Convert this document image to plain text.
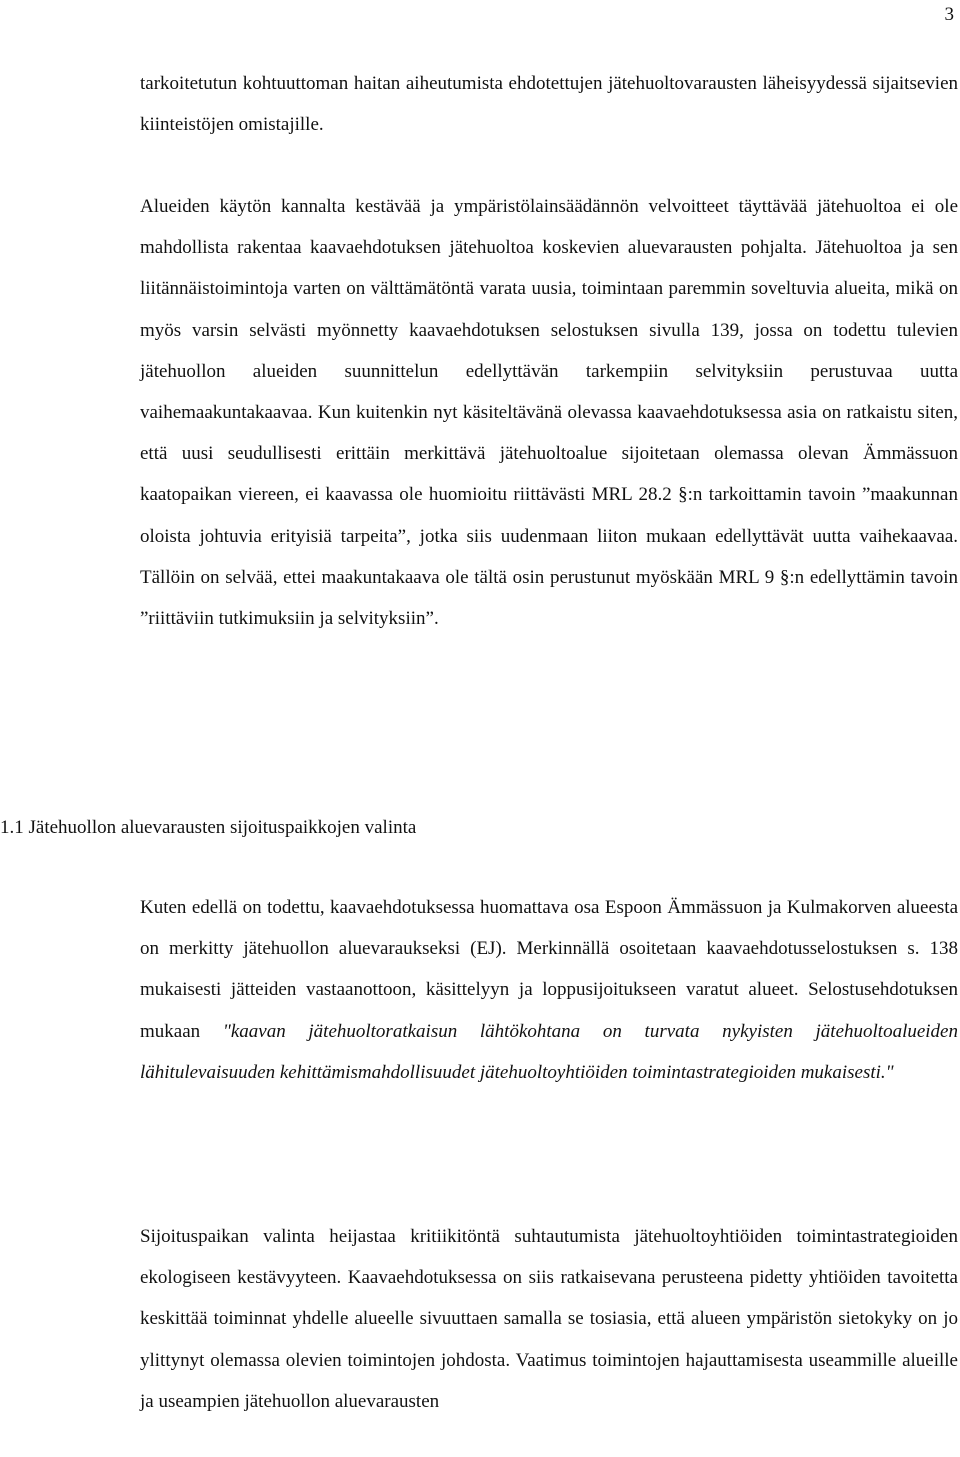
3

tarkoitetutun kohtuuttoman haitan aiheutumista ehdotettujen jätehuoltovarausten läheisyydessä sijaitsevien kiinteistöjen omistajille.

Alueiden käytön kannalta kestävää ja ympäristölainsäädännön velvoitteet täyttävää jätehuoltoa ei ole mahdollista rakentaa kaavaehdotuksen jätehuoltoa koskevien aluevarausten pohjalta. Jätehuoltoa ja sen liitännäistoimintoja varten on välttämätöntä varata uusia, toimintaan paremmin soveltuvia alueita, mikä on myös varsin selvästi myönnetty kaavaehdotuksen selostuksen sivulla 139, jossa on todettu tulevien jätehuollon alueiden suunnittelun edellyttävän tarkempiin selvityksiin perustuvaa uutta vaihemaakuntakaavaa. Kun kuitenkin nyt käsiteltävänä olevassa kaavaehdotuksessa asia on ratkaistu siten, että uusi seudullisesti erittäin merkittävä jätehuoltoalue sijoitetaan olemassa olevan Ämmässuon kaatopaikan viereen, ei kaavassa ole huomioitu riittävästi MRL 28.2 §:n tarkoittamin tavoin ”maakunnan oloista johtuvia erityisiä tarpeita”, jotka siis uudenmaan liiton mukaan edellyttävät uutta vaihekaavaa. Tällöin on selvää, ettei maakuntakaava ole tältä osin perustunut myöskään MRL 9 §:n edellyttämin tavoin ”riittäviin tutkimuksiin ja selvityksiin”.

1.1 Jätehuollon aluevarausten sijoituspaikkojen valinta

Kuten edellä on todettu, kaavaehdotuksessa huomattava osa Espoon Ämmässuon ja Kulmakorven alueesta on merkitty jätehuollon aluevaraukseksi (EJ). Merkinnällä osoitetaan kaavaehdotusselostuksen s. 138 mukaisesti jätteiden vastaanottoon, käsittelyyn ja loppusijoitukseen varatut alueet. Selostusehdotuksen mukaan "kaavan jätehuoltoratkaisun lähtökohtana on turvata nykyisten jätehuoltoalueiden lähitulevaisuuden kehittämismahdollisuudet jätehuoltoyhtiöiden toimintastrategioiden mukaisesti."

Sijoituspaikan valinta heijastaa kritiikitöntä suhtautumista jätehuoltoyhtiöiden toimintastrategioiden ekologiseen kestävyyteen. Kaavaehdotuksessa on siis ratkaisevana perusteena pidetty yhtiöiden tavoitetta keskittää toiminnat yhdelle alueelle sivuuttaen samalla se tosiasia, että alueen ympäristön sietokyky on jo ylittynyt olemassa olevien toimintojen johdosta. Vaatimus toimintojen hajauttamisesta useammille alueille ja useampien jätehuollon aluevarausten
